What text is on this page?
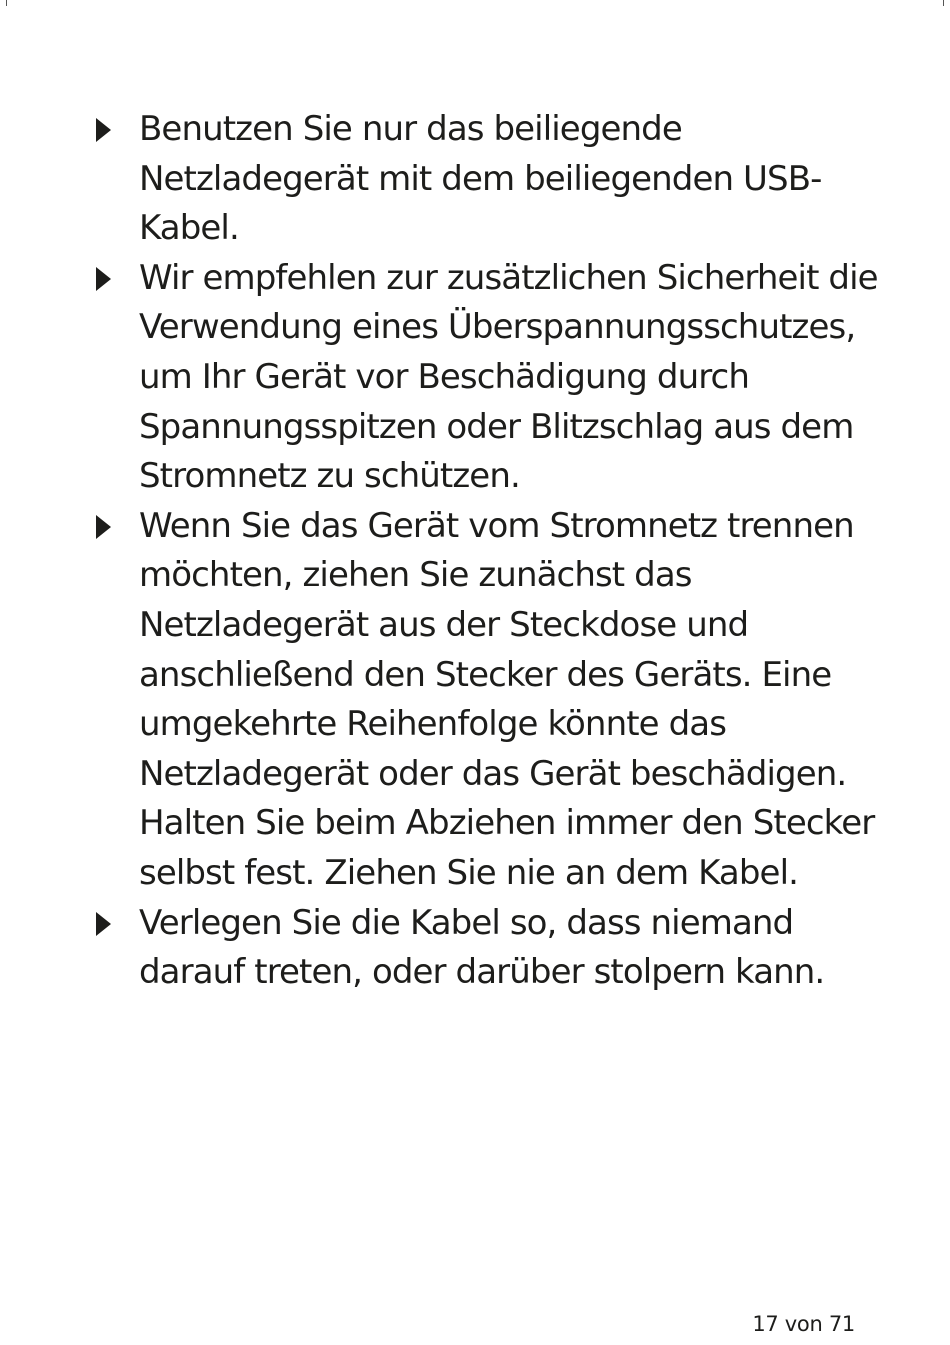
Benutzen Sie nur das beiliegende Netzladegerät mit dem beiliegenden USB-Kabel.
Wir empfehlen zur zusätzlichen Sicherheit die Verwendung eines Überspannungsschutzes, um Ihr Gerät vor Beschädigung durch Spannungsspitzen oder Blitzschlag aus dem Stromnetz zu schützen.
Wenn Sie das Gerät vom Stromnetz trennen möchten, ziehen Sie zunächst das Netzladegerät aus der Steckdose und anschließend den Stecker des Geräts. Eine umgekehrte Reihenfolge könnte das Netzladegerät oder das Gerät beschädigen. Halten Sie beim Abziehen immer den Stecker selbst fest. Ziehen Sie nie an dem Kabel.
Verlegen Sie die Kabel so, dass niemand darauf treten, oder darüber stolpern kann.
17 von 71
